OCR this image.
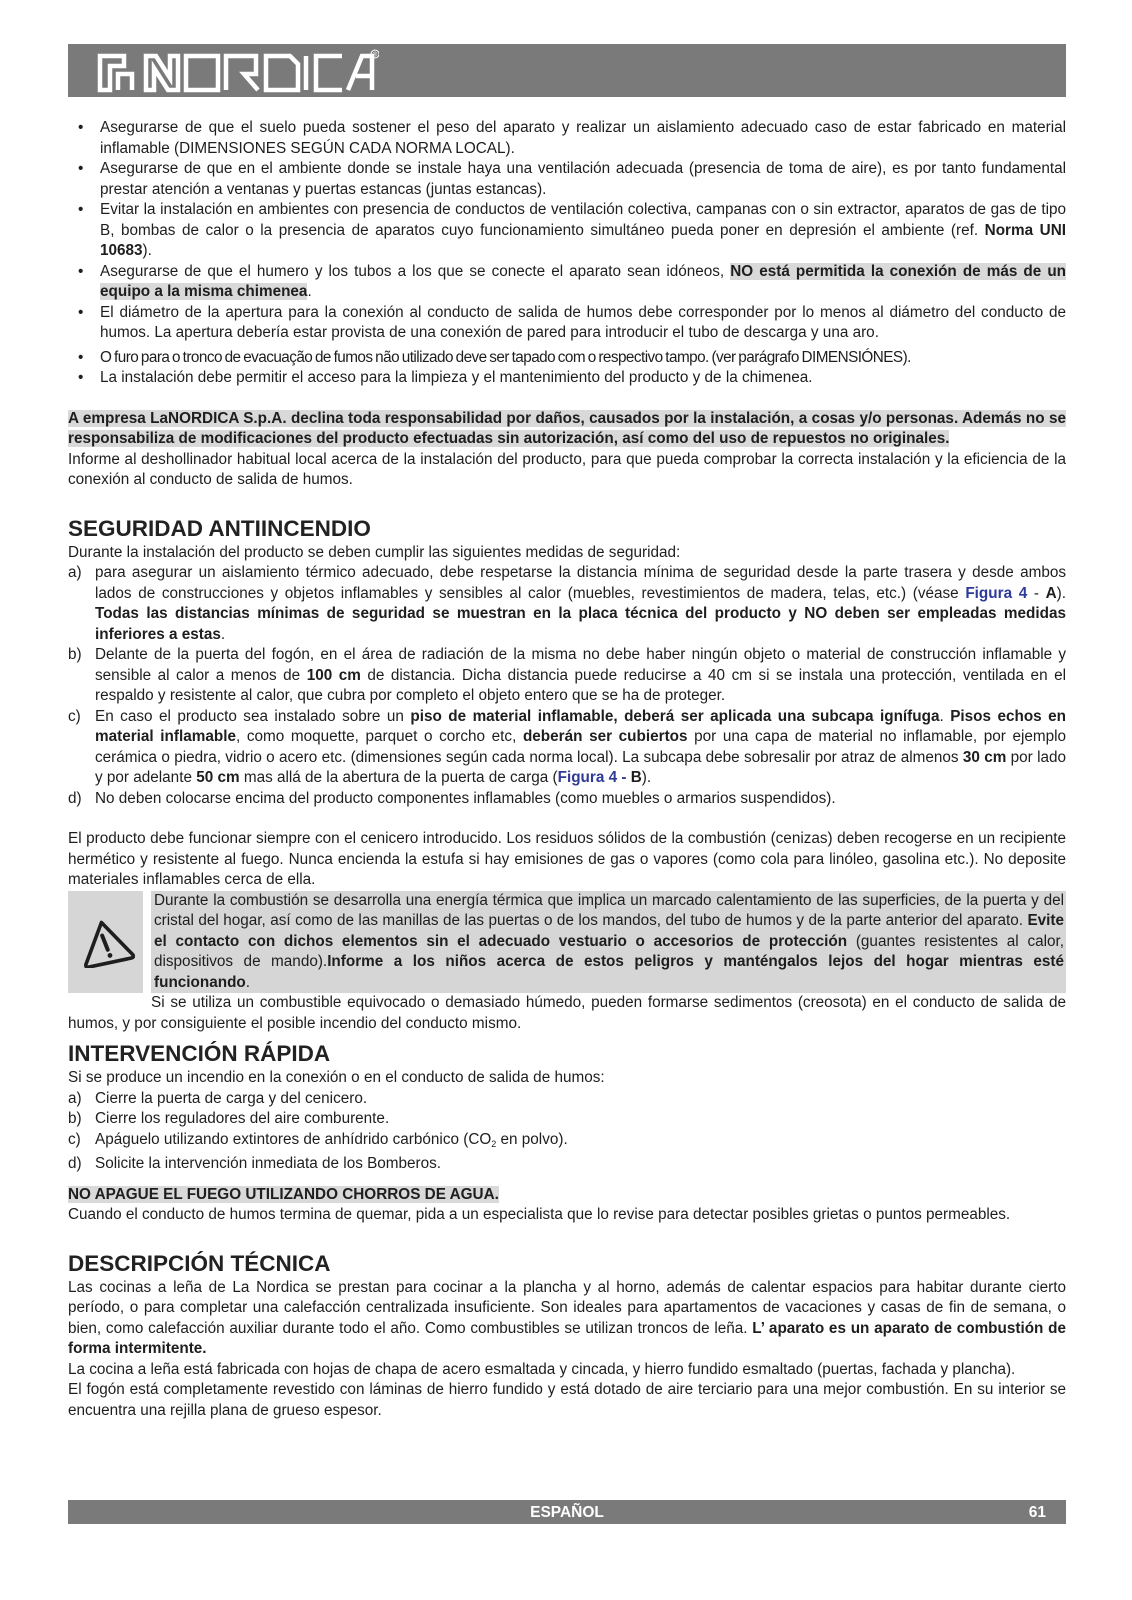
®
• Asegurarse de que el suelo pueda sostener el peso del aparato y realizar un aislamiento adecuado caso de estar fabricado en material inflamable (DIMENSIONES SEGÚN CADA NORMA LOCAL).
• Asegurarse de que en el ambiente donde se instale haya una ventilación adecuada (presencia de toma de aire), es por tanto fundamental prestar atención a ventanas y puertas estancas (juntas estancas).
• Evitar la instalación en ambientes con presencia de conductos de ventilación colectiva, campanas con o sin extractor, aparatos de gas de tipo B, bombas de calor o la presencia de aparatos cuyo funcionamiento simultáneo pueda poner en depresión el ambiente (ref. Norma UNI 10683).
• Asegurarse de que el humero y los tubos a los que se conecte el aparato sean idóneos, NO está permitida la conexión de más de un equipo a la misma chimenea.
• El diámetro de la apertura para la conexión al conducto de salida de humos debe corresponder por lo menos al diámetro del conducto de humos. La apertura debería estar provista de una conexión de pared para introducir el tubo de descarga y una aro.
• O furo para o tronco de evacuação de fumos não utilizado deve ser tapado com o respectivo tampo. (ver parágrafo DIMENSIÓNES).
• La instalación debe permitir el acceso para la limpieza y el mantenimiento del producto y de la chimenea.

A empresa LaNORDICA S.p.A. declina toda responsabilidad por daños, causados por la instalación, a cosas y/o personas. Además no se responsabiliza de modificaciones del producto efectuadas sin autorización, así como del uso de repuestos no originales.

Informe al deshollinador habitual local acerca de la instalación del producto, para que pueda comprobar la correcta instalación y la eficiencia de la conexión al conducto de salida de humos.

SEGURIDAD ANTIINCENDIO

Durante la instalación del producto se deben cumplir las siguientes medidas de seguridad:

a) para asegurar un aislamiento térmico adecuado, debe respetarse la distancia mínima de seguridad desde la parte trasera y desde ambos lados de construcciones y objetos inflamables y sensibles al calor (muebles, revestimientos de madera, telas, etc.) (véase Figura 4 - A). Todas las distancias mínimas de seguridad se muestran en la placa técnica del producto y NO deben ser empleadas medidas inferiores a estas.
b) Delante de la puerta del fogón, en el área de radiación de la misma no debe haber ningún objeto o material de construcción inflamable y sensible al calor a menos de 100 cm de distancia. Dicha distancia puede reducirse a 40 cm si se instala una protección, ventilada en el respaldo y resistente al calor, que cubra por completo el objeto entero que se ha de proteger.
c) En caso el producto sea instalado sobre un piso de material inflamable, deberá ser aplicada una subcapa ignífuga. Pisos echos en material inflamable, como moquette, parquet o corcho etc, deberán ser cubiertos por una capa de material no inflamable, por ejemplo cerámica o piedra, vidrio o acero etc. (dimensiones según cada norma local). La subcapa debe sobresalir por atraz de almenos 30 cm por lado y por adelante 50 cm mas allá de la abertura de la puerta de carga (Figura 4 - B).
d) No deben colocarse encima del producto componentes inflamables (como muebles o armarios suspendidos).

El producto debe funcionar siempre con el cenicero introducido. Los residuos sólidos de la combustión (cenizas) deben recogerse en un recipiente hermético y resistente al fuego. Nunca encienda la estufa si hay emisiones de gas o vapores (como cola para linóleo, gasolina etc.). No deposite materiales inflamables cerca de ella.

Durante la combustión se desarrolla una energía térmica que implica un marcado calentamiento de las superficies, de la puerta y del cristal del hogar, así como de las manillas de las puertas o de los mandos, del tubo de humos y de la parte anterior del aparato. Evite el contacto con dichos elementos sin el adecuado vestuario o accesorios de protección (guantes resistentes al calor, dispositivos de mando).Informe a los niños acerca de estos peligros y manténgalos lejos del hogar mientras esté funcionando.

Si se utiliza un combustible equivocado o demasiado húmedo, pueden formarse sedimentos (creosota) en el conducto de salida de humos, y por consiguiente el posible incendio del conducto mismo.

INTERVENCIÓN RÁPIDA

Si se produce un incendio en la conexión o en el conducto de salida de humos:

a) Cierre la puerta de carga y del cenicero.
b) Cierre los reguladores del aire comburente.
c) Apáguelo utilizando extintores de anhídrido carbónico ($CO_2$ en polvo).
d) Solicite la intervención inmediata de los Bomberos.

NO APAGUE EL FUEGO UTILIZANDO CHORROS DE AGUA.

Cuando el conducto de humos termina de quemar, pida a un especialista que lo revise para detectar posibles grietas o puntos permeables.

DESCRIPCIÓN TÉCNICA

Las cocinas a leña de La Nordica se prestan para cocinar a la plancha y al horno, además de calentar espacios para habitar durante cierto período, o para completar una calefacción centralizada insuficiente. Son ideales para apartamentos de vacaciones y casas de fin de semana, o bien, como calefacción auxiliar durante todo el año. Como combustibles se utilizan troncos de leña. L’ aparato es un aparato de combustión de forma intermitente.

La cocina a leña está fabricada con hojas de chapa de acero esmaltada y cincada, y hierro fundido esmaltado (puertas, fachada y plancha).

El fogón está completamente revestido con láminas de hierro fundido y está dotado de aire terciario para una mejor combustión. En su interior se encuentra una rejilla plana de grueso espesor.

ESPAÑOL	61
